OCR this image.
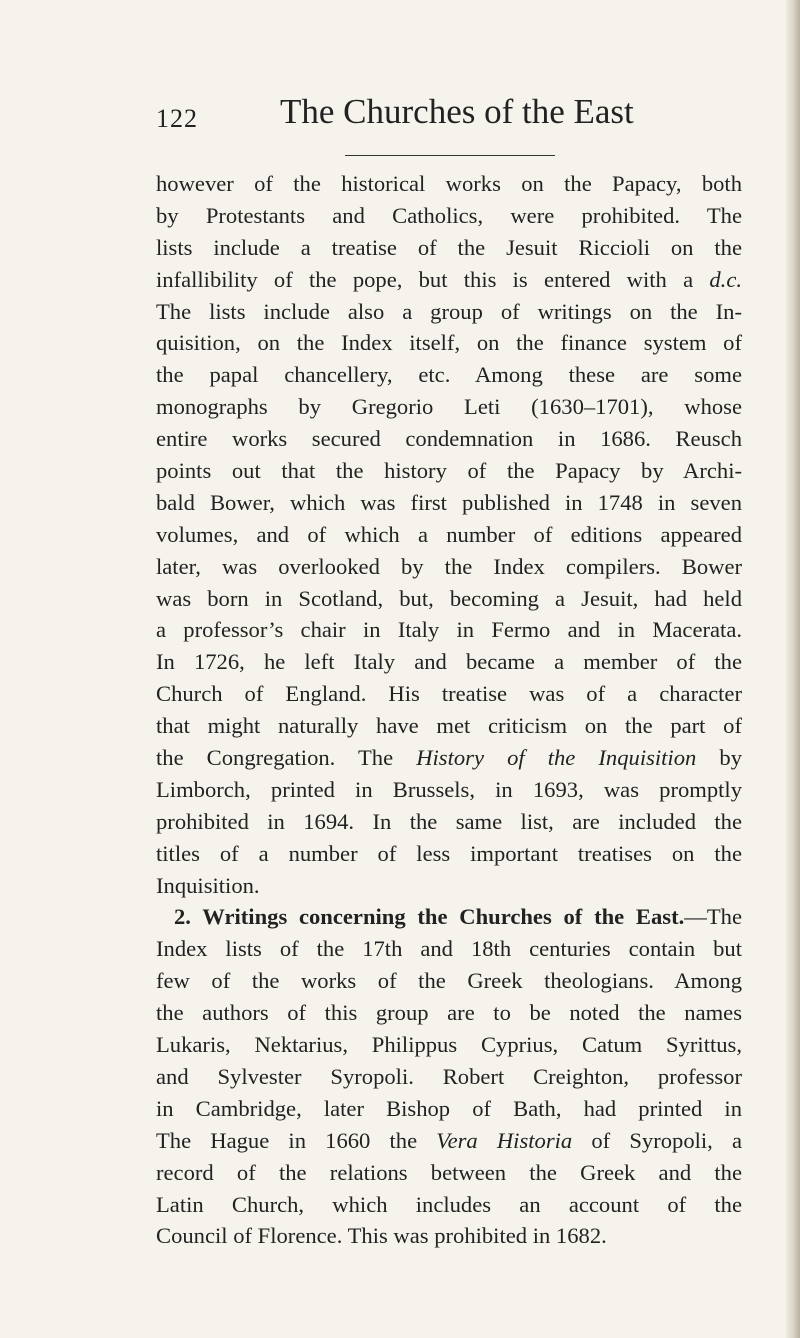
122 The Churches of the East
however of the historical works on the Papacy, both
by Protestants and Catholics, were prohibited. The
lists include a treatise of the Jesuit Riccioli on the
infallibility of the pope, but this is entered with a d.c.
The lists include also a group of writings on the In-
quisition, on the Index itself, on the finance system of
the papal chancellery, etc. Among these are some
monographs by Gregorio Leti (1630–1701), whose
entire works secured condemnation in 1686. Reusch
points out that the history of the Papacy by Archi-
bald Bower, which was first published in 1748 in seven
volumes, and of which a number of editions appeared
later, was overlooked by the Index compilers. Bower
was born in Scotland, but, becoming a Jesuit, had held
a professor’s chair in Italy in Fermo and in Macerata.
In 1726, he left Italy and became a member of the
Church of England. His treatise was of a character
that might naturally have met criticism on the part of
the Congregation. The History of the Inquisition by
Limborch, printed in Brussels, in 1693, was promptly
prohibited in 1694. In the same list, are included the
titles of a number of less important treatises on the
Inquisition.
2. Writings concerning the Churches of the East.—The
Index lists of the 17th and 18th centuries contain but
few of the works of the Greek theologians. Among
the authors of this group are to be noted the names
Lukaris, Nektarius, Philippus Cyprius, Catum Syrittus,
and Sylvester Syropoli. Robert Creighton, professor
in Cambridge, later Bishop of Bath, had printed in
The Hague in 1660 the Vera Historia of Syropoli, a
record of the relations between the Greek and the
Latin Church, which includes an account of the
Council of Florence. This was prohibited in 1682.
